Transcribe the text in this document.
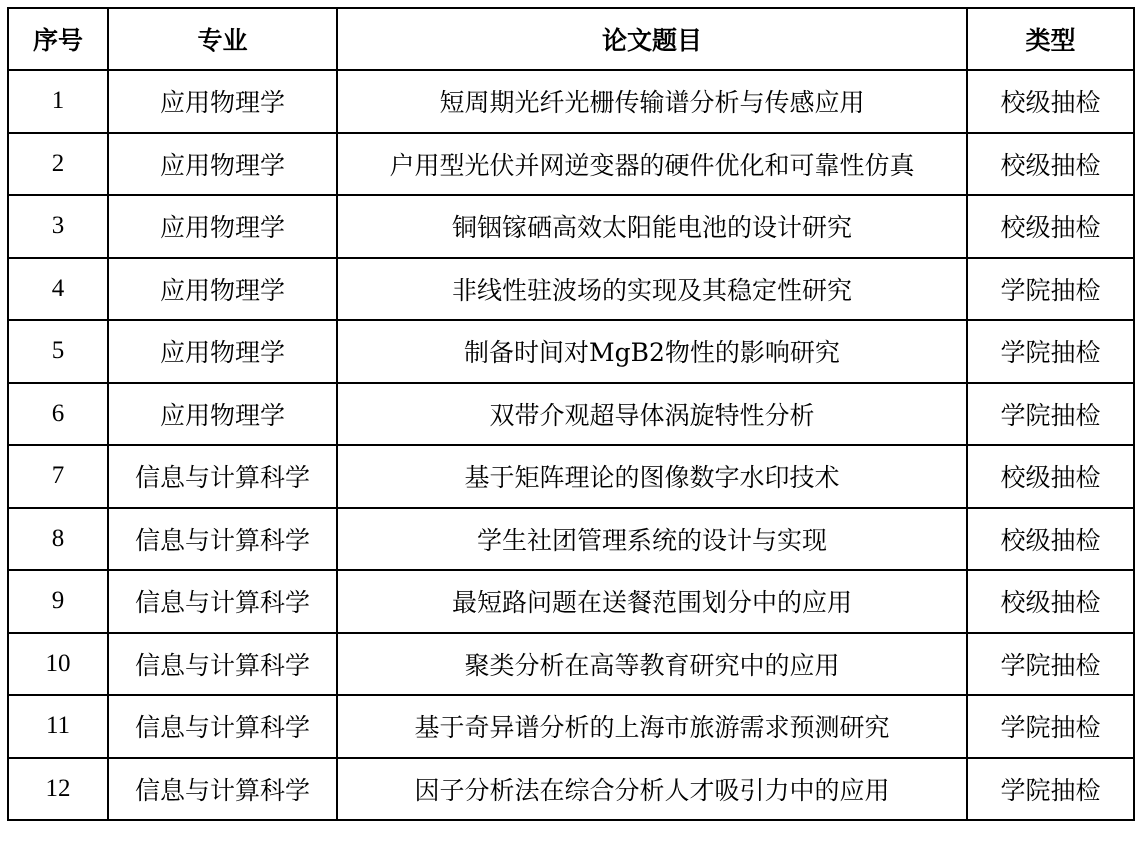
序号	专业	论文题目	类型
1	应用物理学	短周期光纤光栅传输谱分析与传感应用	校级抽检
2	应用物理学	户用型光伏并网逆变器的硬件优化和可靠性仿真	校级抽检
3	应用物理学	铜铟镓硒高效太阳能电池的设计研究	校级抽检
4	应用物理学	非线性驻波场的实现及其稳定性研究	学院抽检
5	应用物理学	制备时间对MgB2物性的影响研究	学院抽检
6	应用物理学	双带介观超导体涡旋特性分析	学院抽检
7	信息与计算科学	基于矩阵理论的图像数字水印技术	校级抽检
8	信息与计算科学	学生社团管理系统的设计与实现	校级抽检
9	信息与计算科学	最短路问题在送餐范围划分中的应用	校级抽检
10	信息与计算科学	聚类分析在高等教育研究中的应用	学院抽检
11	信息与计算科学	基于奇异谱分析的上海市旅游需求预测研究	学院抽检
12	信息与计算科学	因子分析法在综合分析人才吸引力中的应用	学院抽检
